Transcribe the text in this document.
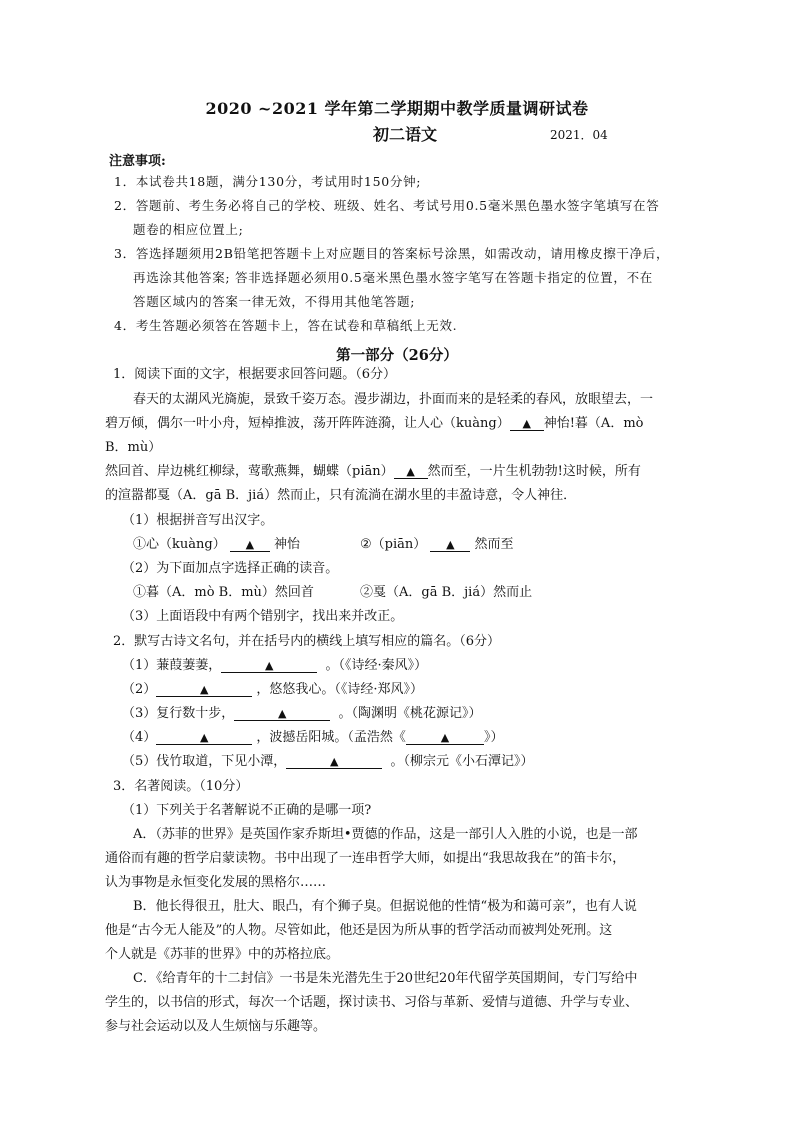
2020 ~2021 学年第二学期期中教学质量调研试卷
初二语文	2021．04
注意事项:
1．本试卷共18题，满分130分，考试用时150分钟;
2．答题前、考生务必将自己的学校、班级、姓名、考试号用0.5毫米黑色墨水签字笔填写在答
题卷的相应位置上;
3．答选择题须用2B铅笔把答题卡上对应题目的答案标号涂黑，如需改动，请用橡皮擦干净后，
再选涂其他答案; 答非选择题必须用0.5毫米黑色墨水签字笔写在答题卡指定的位置，不在
答题区域内的答案一律无效，不得用其他笔答题;
4．考生答题必须答在答题卡上，答在试卷和草稿纸上无效.
第一部分（26分）
1．阅读下面的文字，根据要求回答问题。（6分）
春天的太湖风光旖旎，景致千姿万态。漫步湖边，扑面而来的是轻柔的春风，放眼望去，一
碧万倾，偶尔一叶小舟，短棹推波，荡开阵阵涟漪，让人心（kuàng） ▲ 神怡!暮（A．mò
B．mù）
然回首、岸边桃红柳绿，莺歌燕舞，蝴蝶（piān） ▲ 然而至，一片生机勃勃!这时候，所有
的渲嚣都戛（A．gā B．jiá）然而止，只有流淌在湖水里的丰盈诗意，令人神往．
（1）根据拼音写出汉字。
①心（kuàng） ▲ 神怡	②（piān） ▲ 然而至
（2）为下面加点字选择正确的读音。
①暮（A．mò B．mù）然回首	②戛（A．gā B．jiá）然而止
（3）上面语段中有两个错别字，找出来并改正。
2．默写古诗文名句，并在括号内的横线上填写相应的篇名。（6分）
（1）蒹葭萋萋，	▲	。（《诗经·秦风》）
（2）	▲	，悠悠我心。（《诗经·郑风》）
（3）复行数十步，	▲	。（陶渊明《桃花源记》）
（4）	▲	，波撼岳阳城。（孟浩然《	▲	》）
（5）伐竹取道，下见小潭，	▲	。（柳宗元《小石潭记》）
3．名著阅读。（10分）
（1）下列关于名著解说不正确的是哪一项?
A．（苏菲的世界》是英国作家乔斯坦•贾德的作品，这是一部引人入胜的小说，也是一部
通俗而有趣的哲学启蒙读物。书中出现了一连串哲学大师，如提出“我思故我在”的笛卡尔，
认为事物是永恒变化发展的黑格尔……
B．他长得很丑，肚大、眼凸，有个狮子臭。但据说他的性情“极为和蔼可亲”，也有人说
他是“古今无人能及”的人物。尽管如此，他还是因为所从事的哲学活动而被判处死刑。这
个人就是《苏菲的世界》中的苏格拉底。
C．《给青年的十二封信》一书是朱光潜先生于20世纪20年代留学英国期间，专门写给中
学生的，以书信的形式，每次一个话题，探讨读书、习俗与革新、爱情与道德、升学与专业、
参与社会运动以及人生烦恼与乐趣等。
